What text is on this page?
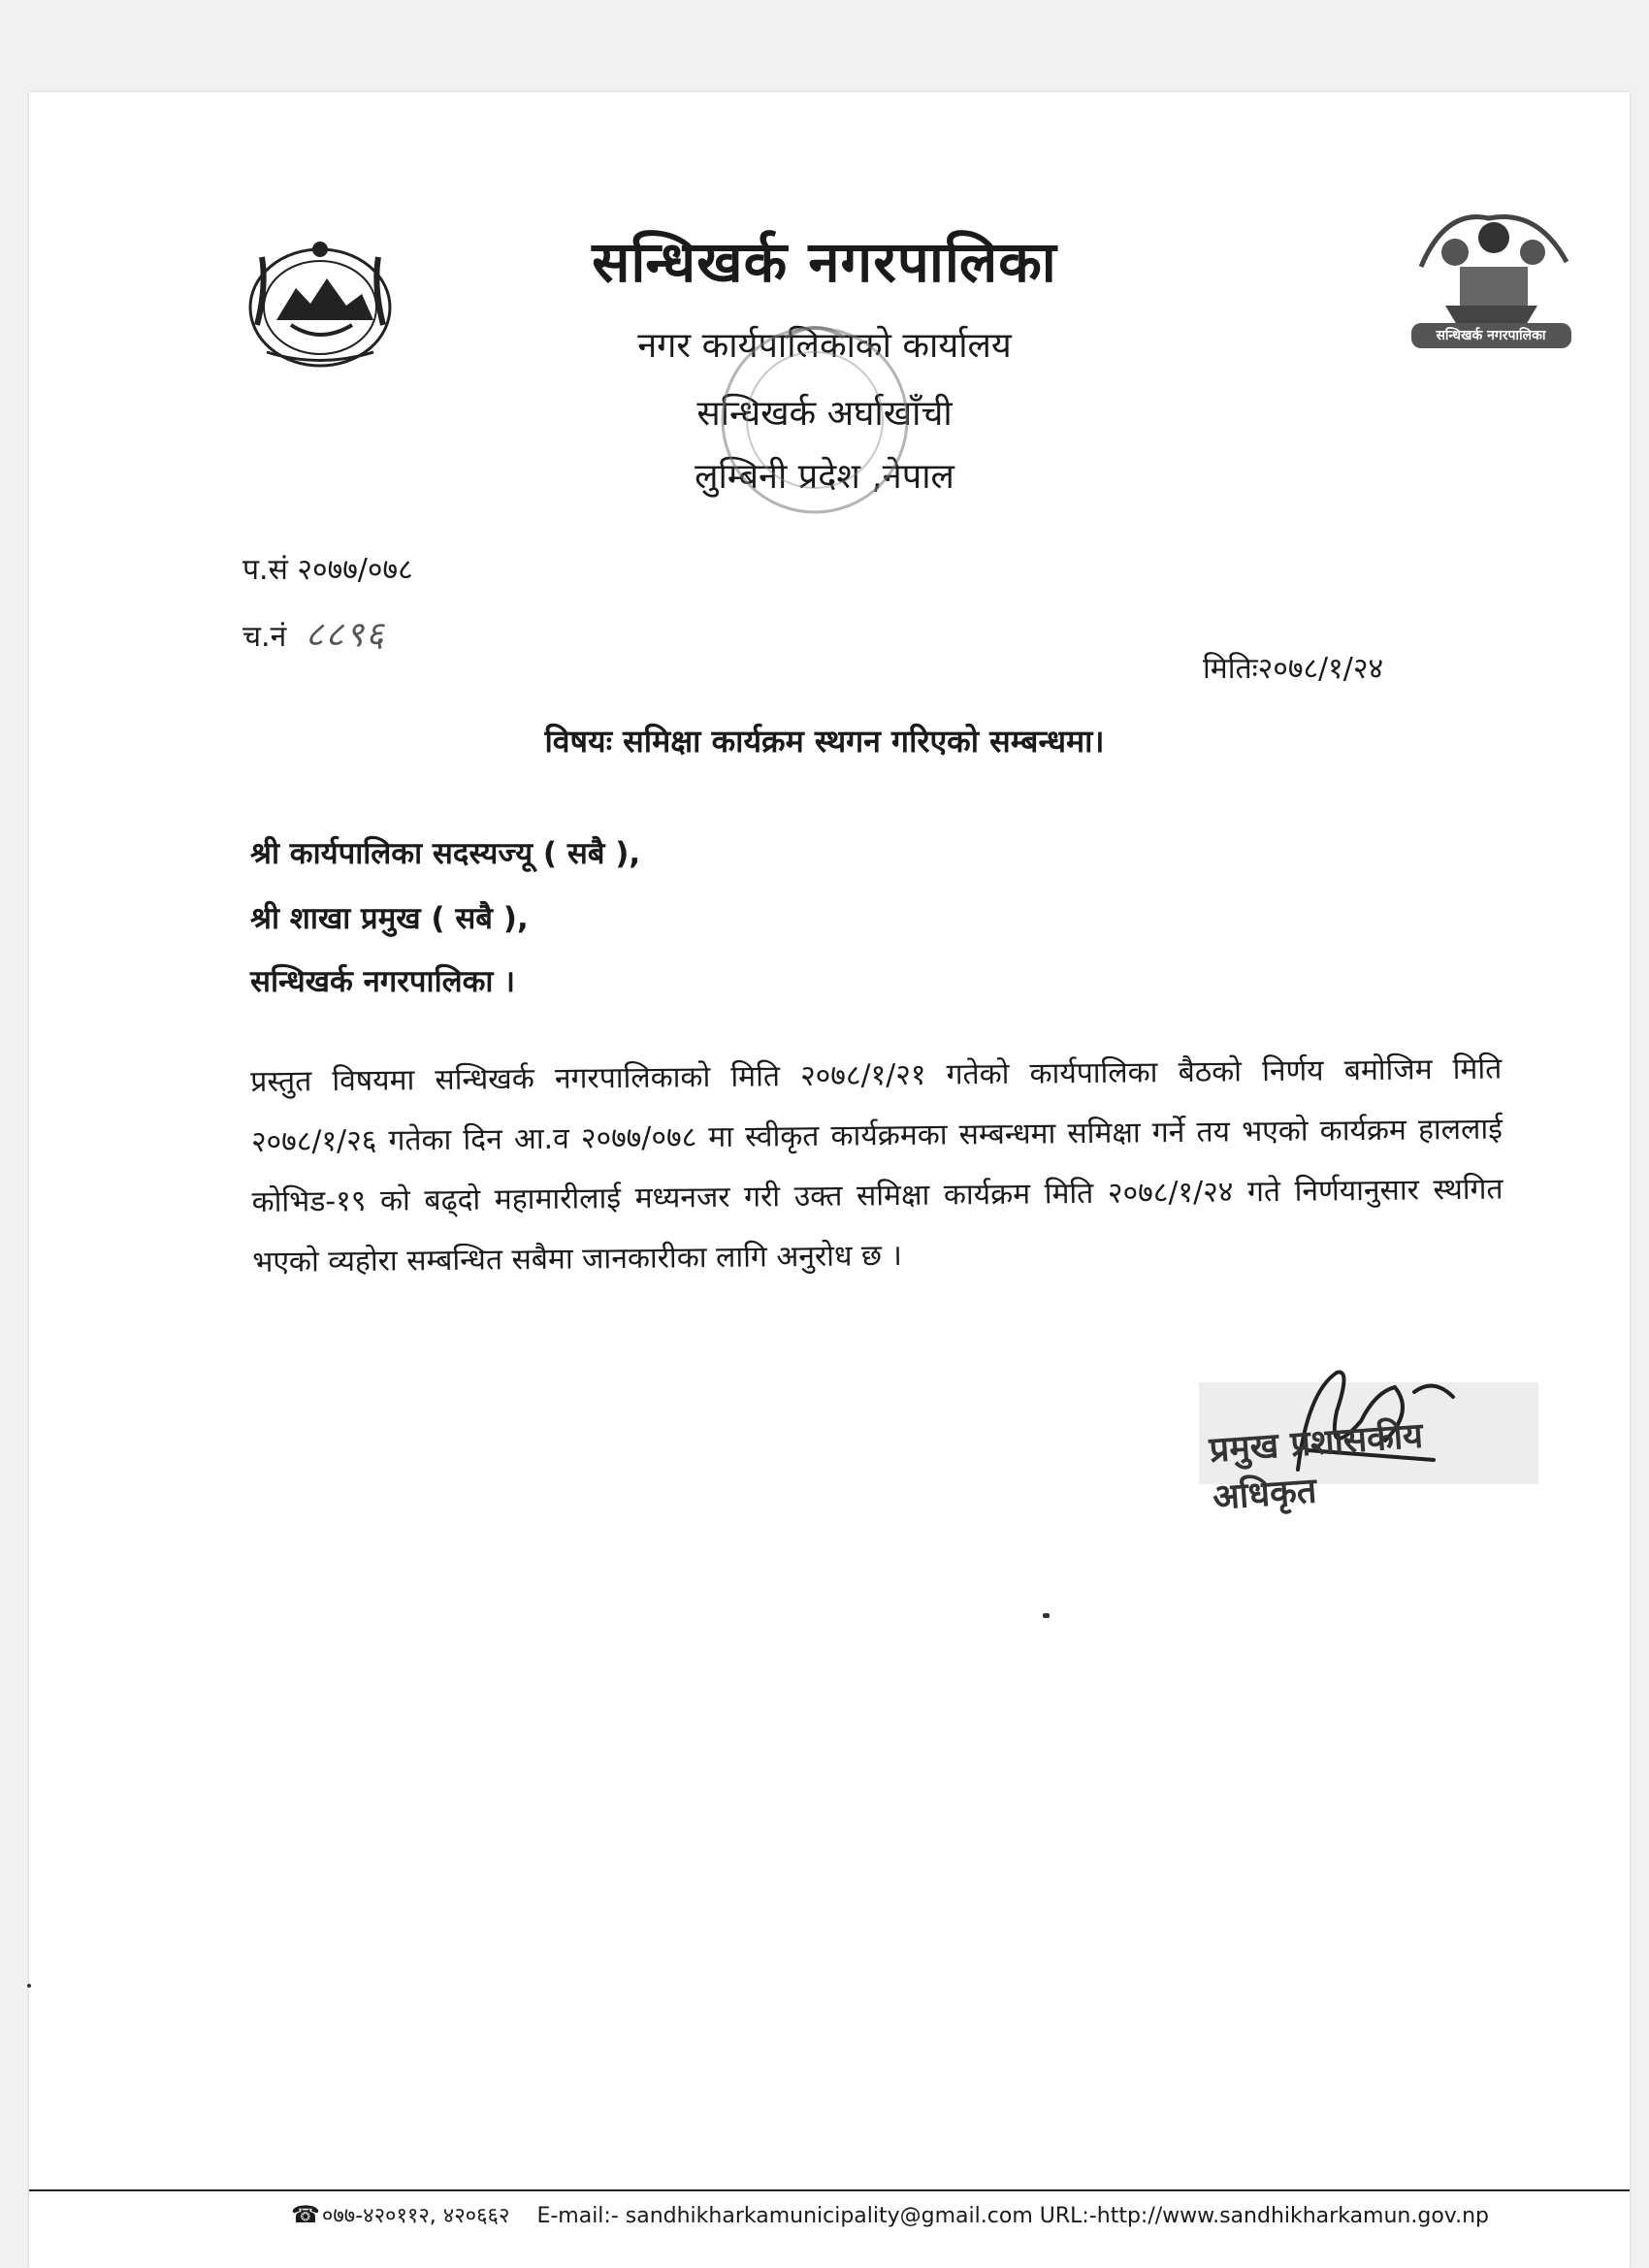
सन्धिखर्क नगरपालिका
सन्धिखर्क नगरपालिका
नगर कार्यपालिकाको कार्यालय
सन्धिखर्क अर्घाखाँची
लुम्बिनी प्रदेश ,नेपाल
प.सं २०७७/०७८
च.नं ८८९६
मितिः२०७८/१/२४
विषयः समिक्षा कार्यक्रम स्थगन गरिएको सम्बन्धमा।
श्री कार्यपालिका सदस्यज्यू ( सबै ),
श्री शाखा प्रमुख ( सबै ),
सन्धिखर्क नगरपालिका ।
प्रस्तुत विषयमा सन्धिखर्क नगरपालिकाको मिति २०७८/१/२१ गतेको कार्यपालिका बैठको निर्णय बमोजिम मिति २०७८/१/२६ गतेका दिन आ.व २०७७/०७८ मा स्वीकृत कार्यक्रमका सम्बन्धमा समिक्षा गर्ने तय भएको कार्यक्रम हाललाई कोभिड-१९ को बढ्दो महामारीलाई मध्यनजर गरी उक्त समिक्षा कार्यक्रम मिति २०७८/१/२४ गते निर्णयानुसार स्थगित भएको व्यहोरा सम्बन्धित सबैमा जानकारीका लागि अनुरोध छ ।
प्रमुख प्रशासकीय अधिकृत
☎०७७-४२०११२, ४२०६६२ E-mail:- sandhikharkamunicipality@gmail.com URL:-http://www.sandhikharkamun.gov.np
